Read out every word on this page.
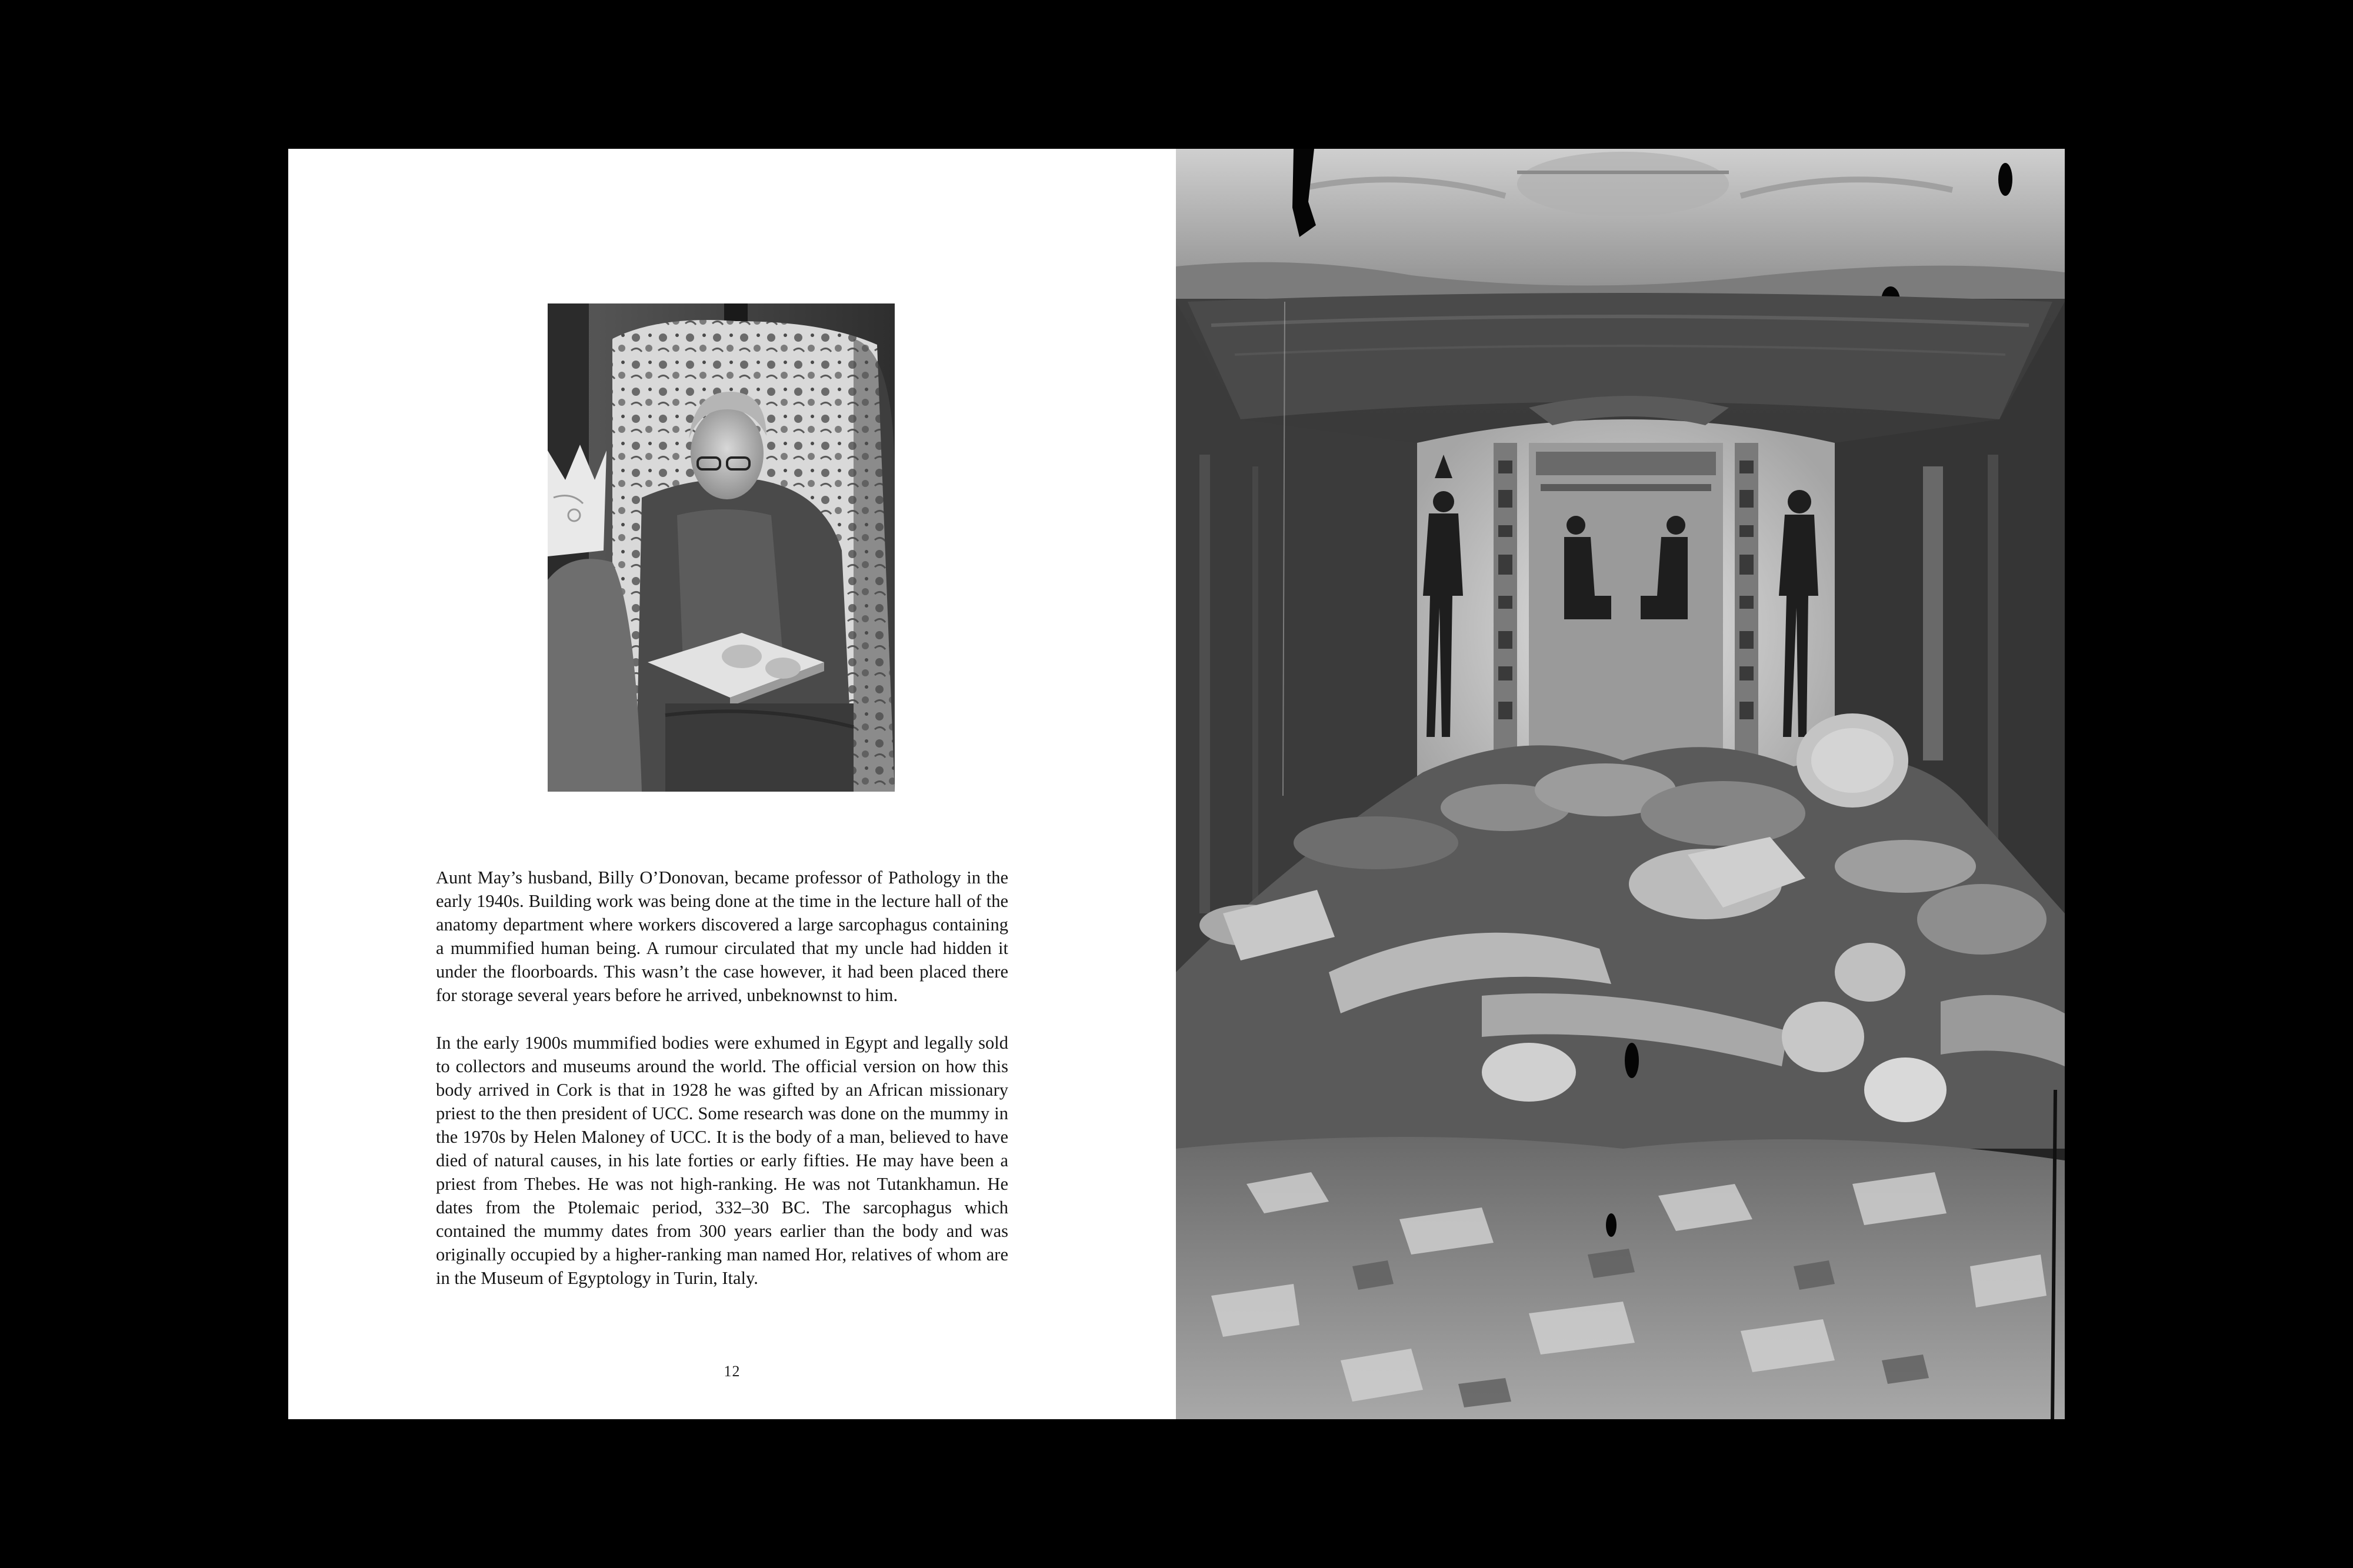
Aunt May’s husband, Billy O’Donovan, became professor of Pathology in the early 1940s. Building work was being done at the time in the lecture hall of the anatomy department where workers discovered a large sarcophagus containing a mummified human being. A rumour circulated that my uncle had hidden it under the floorboards. This wasn’t the case however, it had been placed there for storage several years before he arrived, unbeknownst to him.

In the early 1900s mummified bodies were exhumed in Egypt and legally sold to collectors and museums around the world. The official version on how this body arrived in Cork is that in 1928 he was gifted by an African missionary priest to the then president of UCC. Some research was done on the mummy in the 1970s by Helen Maloney of UCC. It is the body of a man, believed to have died of natural causes, in his late forties or early fifties. He may have been a priest from Thebes. He was not high-ranking. He was not Tutankhamun. He dates from the Ptolemaic period, 332–30 BC. The sarcophagus which contained the mummy dates from 300 years earlier than the body and was originally occupied by a higher-ranking man named Hor, relatives of whom are in the Museum of Egyptology in Turin, Italy.

12
